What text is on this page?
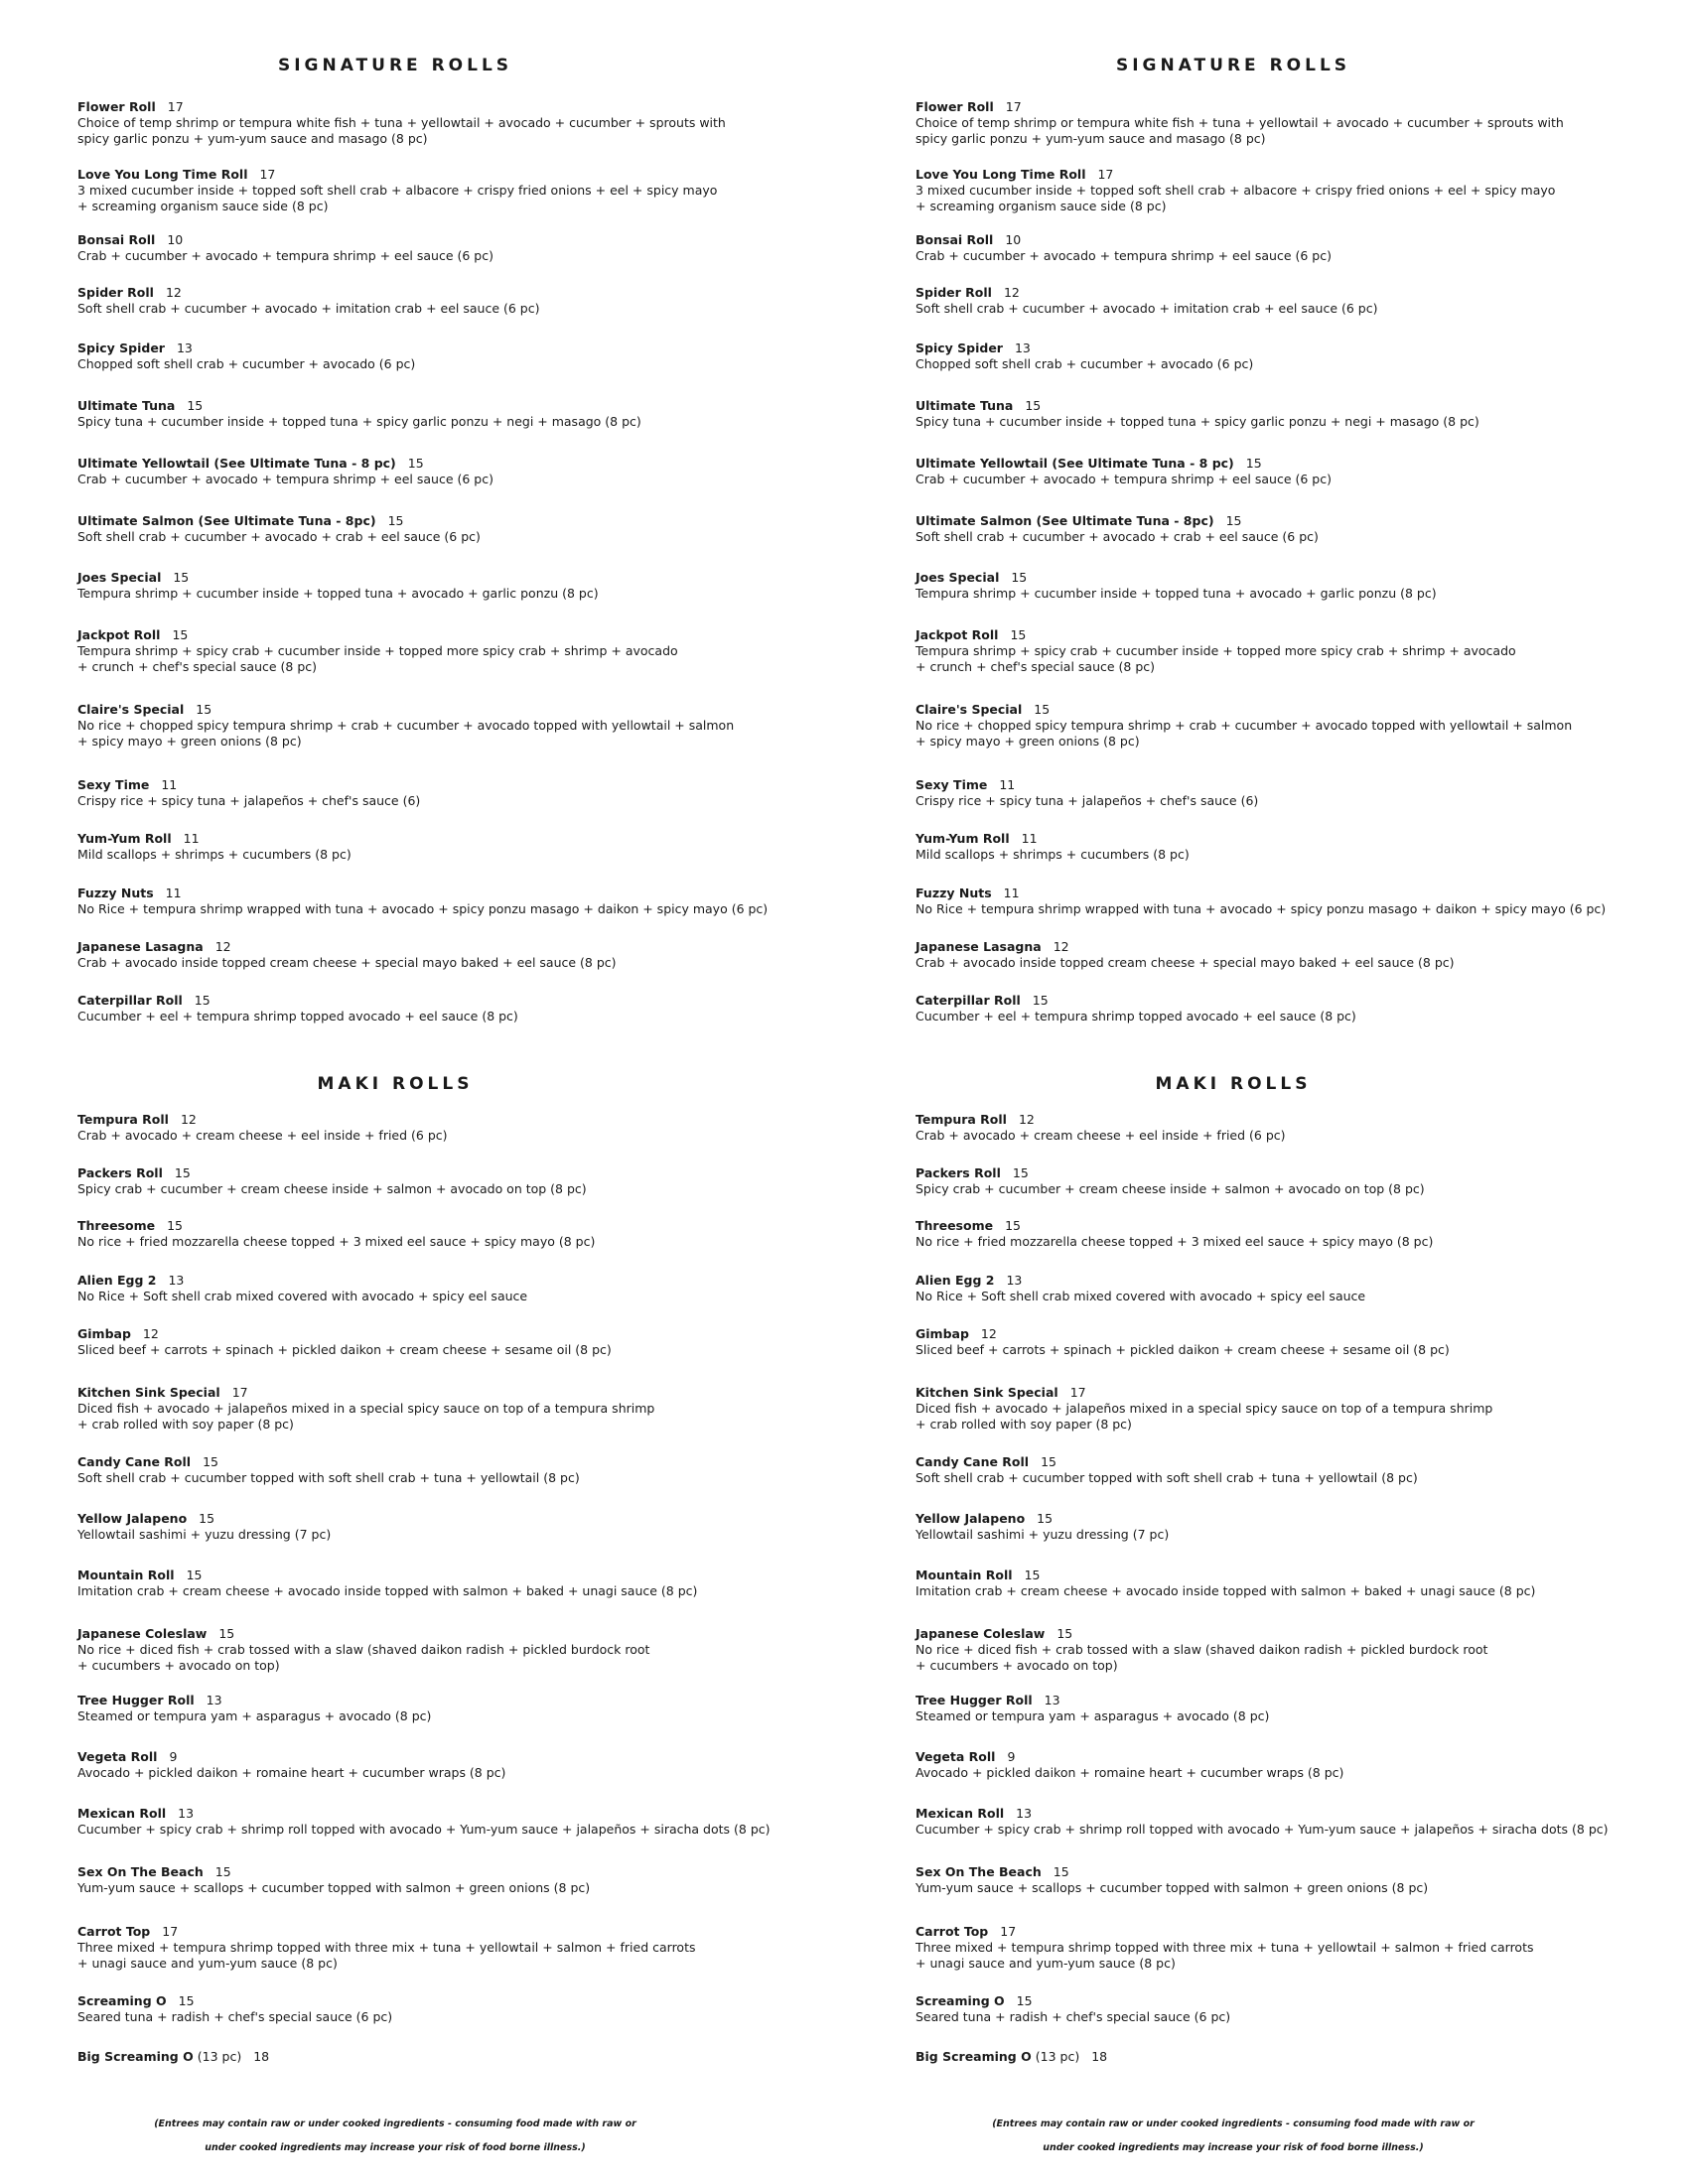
SIGNATURE ROLLS
Flower Roll 17
Choice of temp shrimp or tempura white fish + tuna + yellowtail + avocado + cucumber + sprouts with
spicy garlic ponzu + yum-yum sauce and masago (8 pc)
Love You Long Time Roll 17
3 mixed cucumber inside + topped soft shell crab + albacore + crispy fried onions + eel + spicy mayo
+ screaming organism sauce side (8 pc)
Bonsai Roll 10
Crab + cucumber + avocado + tempura shrimp + eel sauce (6 pc)
Spider Roll 12
Soft shell crab + cucumber + avocado + imitation crab + eel sauce (6 pc)
Spicy Spider 13
Chopped soft shell crab + cucumber + avocado (6 pc)
Ultimate Tuna 15
Spicy tuna + cucumber inside + topped tuna + spicy garlic ponzu + negi + masago (8 pc)
Ultimate Yellowtail (See Ultimate Tuna - 8 pc) 15
Crab + cucumber + avocado + tempura shrimp + eel sauce (6 pc)
Ultimate Salmon (See Ultimate Tuna - 8pc) 15
Soft shell crab + cucumber + avocado + crab + eel sauce (6 pc)
Joes Special 15
Tempura shrimp + cucumber inside + topped tuna + avocado + garlic ponzu (8 pc)
Jackpot Roll 15
Tempura shrimp + spicy crab + cucumber inside + topped more spicy crab + shrimp + avocado
+ crunch + chef's special sauce (8 pc)
Claire's Special 15
No rice + chopped spicy tempura shrimp + crab + cucumber + avocado topped with yellowtail + salmon
+ spicy mayo + green onions (8 pc)
Sexy Time 11
Crispy rice + spicy tuna + jalapeños + chef's sauce (6)
Yum-Yum Roll 11
Mild scallops + shrimps + cucumbers (8 pc)
Fuzzy Nuts 11
No Rice + tempura shrimp wrapped with tuna + avocado + spicy ponzu masago + daikon + spicy mayo (6 pc)
Japanese Lasagna 12
Crab + avocado inside topped cream cheese + special mayo baked + eel sauce (8 pc)
Caterpillar Roll 15
Cucumber + eel + tempura shrimp topped avocado + eel sauce (8 pc)
MAKI ROLLS
Tempura Roll 12
Crab + avocado + cream cheese + eel inside + fried (6 pc)
Packers Roll 15
Spicy crab + cucumber + cream cheese inside + salmon + avocado on top (8 pc)
Threesome 15
No rice + fried mozzarella cheese topped + 3 mixed eel sauce + spicy mayo (8 pc)
Alien Egg 2 13
No Rice + Soft shell crab mixed covered with avocado + spicy eel sauce
Gimbap 12
Sliced beef + carrots + spinach + pickled daikon + cream cheese + sesame oil (8 pc)
Kitchen Sink Special 17
Diced fish + avocado + jalapeños mixed in a special spicy sauce on top of a tempura shrimp
+ crab rolled with soy paper (8 pc)
Candy Cane Roll 15
Soft shell crab + cucumber topped with soft shell crab + tuna + yellowtail (8 pc)
Yellow Jalapeno 15
Yellowtail sashimi + yuzu dressing (7 pc)
Mountain Roll 15
Imitation crab + cream cheese + avocado inside topped with salmon + baked + unagi sauce (8 pc)
Japanese Coleslaw 15
No rice + diced fish + crab tossed with a slaw (shaved daikon radish + pickled burdock root
+ cucumbers + avocado on top)
Tree Hugger Roll 13
Steamed or tempura yam + asparagus + avocado (8 pc)
Vegeta Roll 9
Avocado + pickled daikon + romaine heart + cucumber wraps (8 pc)
Mexican Roll 13
Cucumber + spicy crab + shrimp roll topped with avocado + Yum-yum sauce + jalapeños + siracha dots (8 pc)
Sex On The Beach 15
Yum-yum sauce + scallops + cucumber topped with salmon + green onions (8 pc)
Carrot Top 17
Three mixed + tempura shrimp topped with three mix + tuna + yellowtail + salmon + fried carrots
+ unagi sauce and yum-yum sauce (8 pc)
Screaming O 15
Seared tuna + radish + chef's special sauce (6 pc)
Big Screaming O (13 pc) 18
(Entrees may contain raw or under cooked ingredients - consuming food made with raw or
under cooked ingredients may increase your risk of food borne illness.)
SIGNATURE ROLLS
Flower Roll 17
Choice of temp shrimp or tempura white fish + tuna + yellowtail + avocado + cucumber + sprouts with
spicy garlic ponzu + yum-yum sauce and masago (8 pc)
Love You Long Time Roll 17
3 mixed cucumber inside + topped soft shell crab + albacore + crispy fried onions + eel + spicy mayo
+ screaming organism sauce side (8 pc)
Bonsai Roll 10
Crab + cucumber + avocado + tempura shrimp + eel sauce (6 pc)
Spider Roll 12
Soft shell crab + cucumber + avocado + imitation crab + eel sauce (6 pc)
Spicy Spider 13
Chopped soft shell crab + cucumber + avocado (6 pc)
Ultimate Tuna 15
Spicy tuna + cucumber inside + topped tuna + spicy garlic ponzu + negi + masago (8 pc)
Ultimate Yellowtail (See Ultimate Tuna - 8 pc) 15
Crab + cucumber + avocado + tempura shrimp + eel sauce (6 pc)
Ultimate Salmon (See Ultimate Tuna - 8pc) 15
Soft shell crab + cucumber + avocado + crab + eel sauce (6 pc)
Joes Special 15
Tempura shrimp + cucumber inside + topped tuna + avocado + garlic ponzu (8 pc)
Jackpot Roll 15
Tempura shrimp + spicy crab + cucumber inside + topped more spicy crab + shrimp + avocado
+ crunch + chef's special sauce (8 pc)
Claire's Special 15
No rice + chopped spicy tempura shrimp + crab + cucumber + avocado topped with yellowtail + salmon
+ spicy mayo + green onions (8 pc)
Sexy Time 11
Crispy rice + spicy tuna + jalapeños + chef's sauce (6)
Yum-Yum Roll 11
Mild scallops + shrimps + cucumbers (8 pc)
Fuzzy Nuts 11
No Rice + tempura shrimp wrapped with tuna + avocado + spicy ponzu masago + daikon + spicy mayo (6 pc)
Japanese Lasagna 12
Crab + avocado inside topped cream cheese + special mayo baked + eel sauce (8 pc)
Caterpillar Roll 15
Cucumber + eel + tempura shrimp topped avocado + eel sauce (8 pc)
MAKI ROLLS
Tempura Roll 12
Crab + avocado + cream cheese + eel inside + fried (6 pc)
Packers Roll 15
Spicy crab + cucumber + cream cheese inside + salmon + avocado on top (8 pc)
Threesome 15
No rice + fried mozzarella cheese topped + 3 mixed eel sauce + spicy mayo (8 pc)
Alien Egg 2 13
No Rice + Soft shell crab mixed covered with avocado + spicy eel sauce
Gimbap 12
Sliced beef + carrots + spinach + pickled daikon + cream cheese + sesame oil (8 pc)
Kitchen Sink Special 17
Diced fish + avocado + jalapeños mixed in a special spicy sauce on top of a tempura shrimp
+ crab rolled with soy paper (8 pc)
Candy Cane Roll 15
Soft shell crab + cucumber topped with soft shell crab + tuna + yellowtail (8 pc)
Yellow Jalapeno 15
Yellowtail sashimi + yuzu dressing (7 pc)
Mountain Roll 15
Imitation crab + cream cheese + avocado inside topped with salmon + baked + unagi sauce (8 pc)
Japanese Coleslaw 15
No rice + diced fish + crab tossed with a slaw (shaved daikon radish + pickled burdock root
+ cucumbers + avocado on top)
Tree Hugger Roll 13
Steamed or tempura yam + asparagus + avocado (8 pc)
Vegeta Roll 9
Avocado + pickled daikon + romaine heart + cucumber wraps (8 pc)
Mexican Roll 13
Cucumber + spicy crab + shrimp roll topped with avocado + Yum-yum sauce + jalapeños + siracha dots (8 pc)
Sex On The Beach 15
Yum-yum sauce + scallops + cucumber topped with salmon + green onions (8 pc)
Carrot Top 17
Three mixed + tempura shrimp topped with three mix + tuna + yellowtail + salmon + fried carrots
+ unagi sauce and yum-yum sauce (8 pc)
Screaming O 15
Seared tuna + radish + chef's special sauce (6 pc)
Big Screaming O (13 pc) 18
(Entrees may contain raw or under cooked ingredients - consuming food made with raw or
under cooked ingredients may increase your risk of food borne illness.)
